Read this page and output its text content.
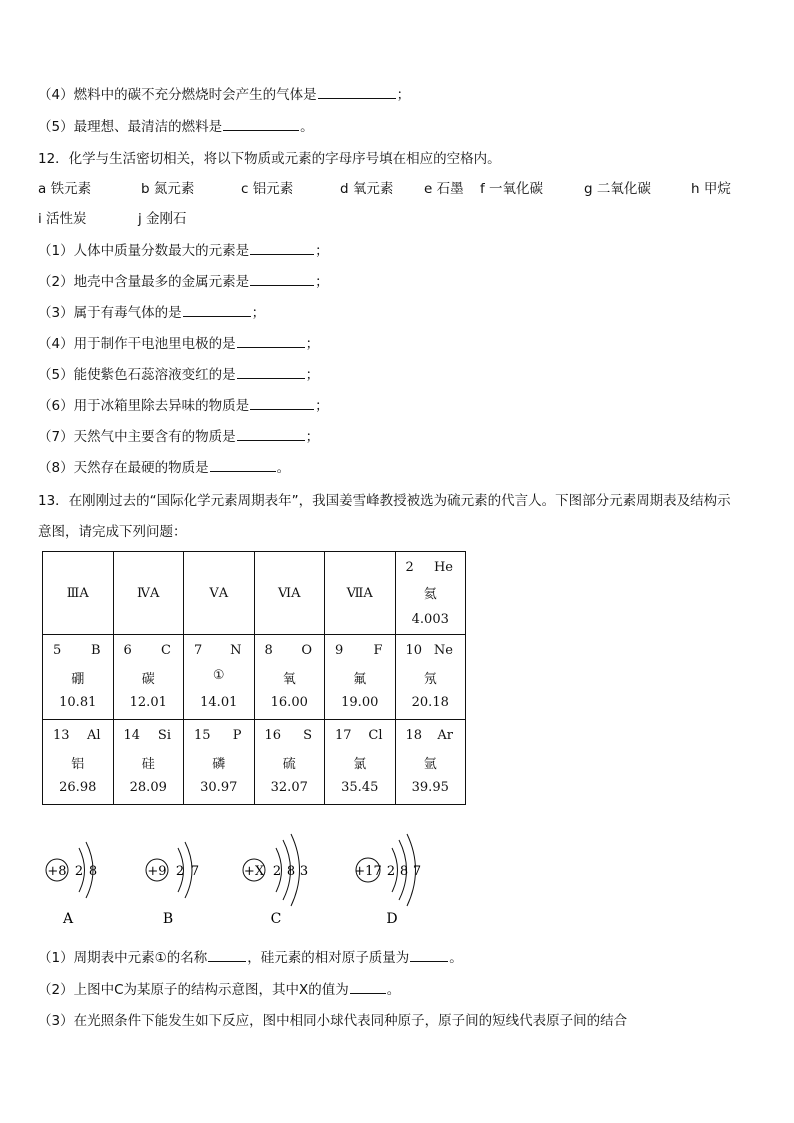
（4）燃料中的碳不充分燃烧时会产生的气体是	；
（5）最理想、最清洁的燃料是	。
12．化学与生活密切相关，将以下物质或元素的字母序号填在相应的空格内。
a 铁元素	b 氮元素	c 铝元素	d 氧元素 e 石墨 f 一氧化碳	g 二氧化碳	h 甲烷
i 活性炭	j 金刚石
（1）人体中质量分数最大的元素是	；
（2）地壳中含量最多的金属元素是	；
（3）属于有毒气体的是	；
（4）用于制作干电池里电极的是	；
（5）能使紫色石蕊溶液变红的是	；
（6）用于冰箱里除去异味的物质是	；
（7）天然气中主要含有的物质是	；
（8）天然存在最硬的物质是	。
13．在刚刚过去的“国际化学元素周期表年”，我国姜雪峰教授被选为硫元素的代言人。下图部分元素周期表及结构示
意图，请完成下列问题：
ⅢA	ⅣA	ⅤA	ⅥA	ⅦA	2 He
氦
4.003

5 B
硼
10.81	6 C
碳
12.01	7 N
①
14.01	8 O
氧
16.00	9 F
氟
19.00	10 Ne
氖
20.18

13 Al
铝
26.98	14 Si
硅
28.09	15 P
磷
30.97	16 S
硫
32.07	17 Cl
氯
35.45	18 Ar
氩
39.95
+8 2 8
A
+9 2 7
B
+X 2 8 3
C
+17 2 8 7
D
（1）周期表中元素①的名称	，硅元素的相对原子质量为	。
（2）上图中C为某原子的结构示意图，其中X的值为	。
（3）在光照条件下能发生如下反应，图中相同小球代表同种原子，原子间的短线代表原子间的结合
